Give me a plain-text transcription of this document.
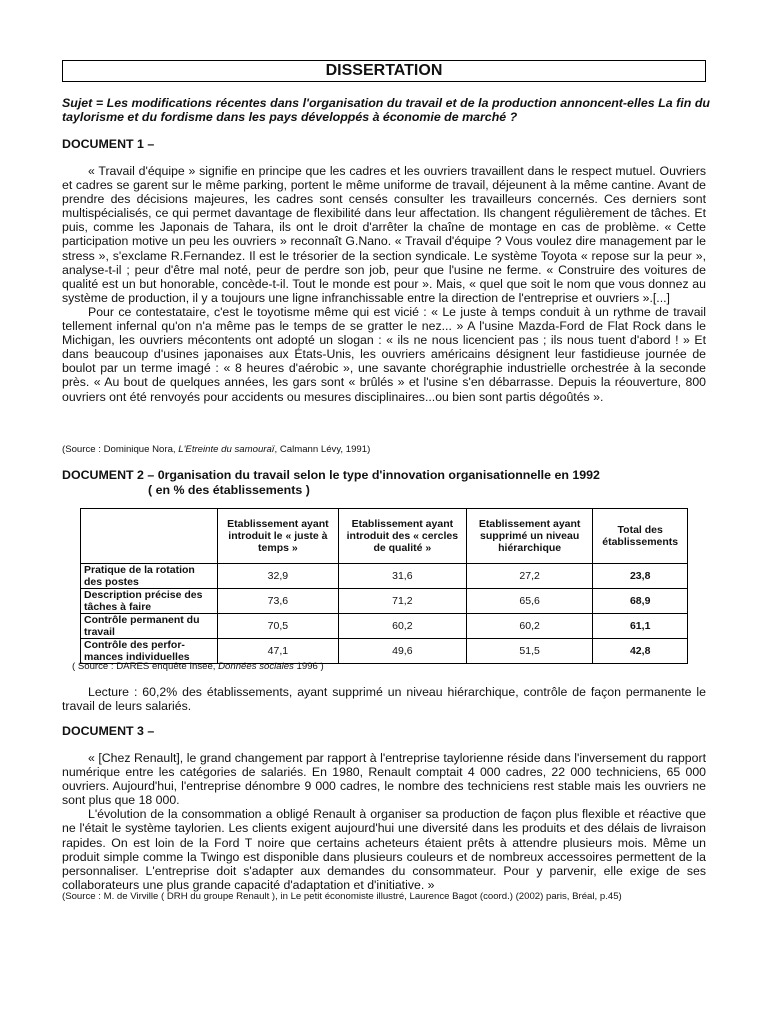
DISSERTATION
Sujet = Les modifications récentes dans l'organisation du travail et de la production annoncent-elles La fin du taylorisme et du fordisme dans les pays développés à économie de marché ?
DOCUMENT 1 –

« Travail d'équipe » signifie en principe que les cadres et les ouvriers travaillent dans le respect mutuel. Ouvriers et cadres se garent sur le même parking, portent le même uniforme de travail, déjeunent à la même cantine. Avant de prendre des décisions majeures, les cadres sont censés consulter les travailleurs concernés. Ces derniers sont multispécialisés, ce qui permet davantage de flexibilité dans leur affectation. Ils changent régulièrement de tâches. Et puis, comme les Japonais de Tahara, ils ont le droit d'arrêter la chaîne de montage en cas de problème. « Cette participation motive un peu les ouvriers » reconnaît G.Nano. « Travail d'équipe ? Vous voulez dire management par le stress », s'exclame R.Fernandez. Il est le trésorier de la section syndicale. Le système Toyota « repose sur la peur », analyse-t-il ; peur d'être mal noté, peur de perdre son job, peur que l'usine ne ferme. « Construire des voitures de qualité est un but honorable, concède-t-il. Tout le monde est pour ». Mais, « quel que soit le nom que vous donnez au système de production, il y a toujours une ligne infranchissable entre la direction de l'entreprise et ouvriers ».[...]

Pour ce contestataire, c'est le toyotisme même qui est vicié : « Le juste à temps conduit à un rythme de travail tellement infernal qu'on n'a même pas le temps de se gratter le nez... » A l'usine Mazda-Ford de Flat Rock dans le Michigan, les ouvriers mécontents ont adopté un slogan : « ils ne nous licencient pas ; ils nous tuent d'abord ! » Et dans beaucoup d'usines japonaises aux États-Unis, les ouvriers américains désignent leur fastidieuse journée de boulot par un terme imagé : « 8 heures d'aérobic », une savante chorégraphie industrielle orchestrée à la seconde près. « Au bout de quelques années, les gars sont « brûlés » et l'usine s'en débarrasse. Depuis la réouverture, 800 ouvriers ont été renvoyés pour accidents ou mesures disciplinaires...ou bien sont partis dégoûtés ».

(Source : Dominique Nora, L'Etreinte du samouraï, Calmann Lévy, 1991)
DOCUMENT 2 – 0rganisation du travail selon le type d'innovation organisationnelle en 1992
( en % des établissements )
	Etablissement ayant introduit le « juste à temps »	Etablissement ayant introduit des « cercles de qualité »	Etablissement ayant supprimé un niveau hiérarchique	Total des établissements
Pratique de la rotation des postes	32,9	31,6	27,2	23,8
Description précise des tâches à faire	73,6	71,2	65,6	68,9
Contrôle permanent du travail	70,5	60,2	60,2	61,1
Contrôle des perfor-mances individuelles	47,1	49,6	51,5	42,8
( Source : DARES enquête Insee, Données sociales 1996 )

Lecture : 60,2% des établissements, ayant supprimé un niveau hiérarchique, contrôle de façon permanente le travail de leurs salariés.

DOCUMENT 3 –

« [Chez Renault], le grand changement par rapport à l'entreprise taylorienne réside dans l'inversement du rapport numérique entre les catégories de salariés. En 1980, Renault comptait 4 000 cadres, 22 000 techniciens, 65 000 ouvriers. Aujourd'hui, l'entreprise dénombre 9 000 cadres, le nombre des techniciens rest stable mais les ouvriers ne sont plus que 18 000.

L'évolution de la consommation a obligé Renault à organiser sa production de façon plus flexible et réactive que ne l'était le système taylorien. Les clients exigent aujourd'hui une diversité dans les produits et des délais de livraison rapides. On est loin de la Ford T noire que certains acheteurs étaient prêts à attendre plusieurs mois. Même un produit simple comme la Twingo est disponible dans plusieurs couleurs et de nombreux accessoires permettent de la personnaliser. L'entreprise doit s'adapter aux demandes du consommateur. Pour y parvenir, elle exige de ses collaborateurs une plus grande capacité d'adaptation et d'initiative. »

(Source : M. de Virville ( DRH du groupe Renault ), in Le petit économiste illustré, Laurence Bagot (coord.) (2002) paris, Bréal, p.45)
